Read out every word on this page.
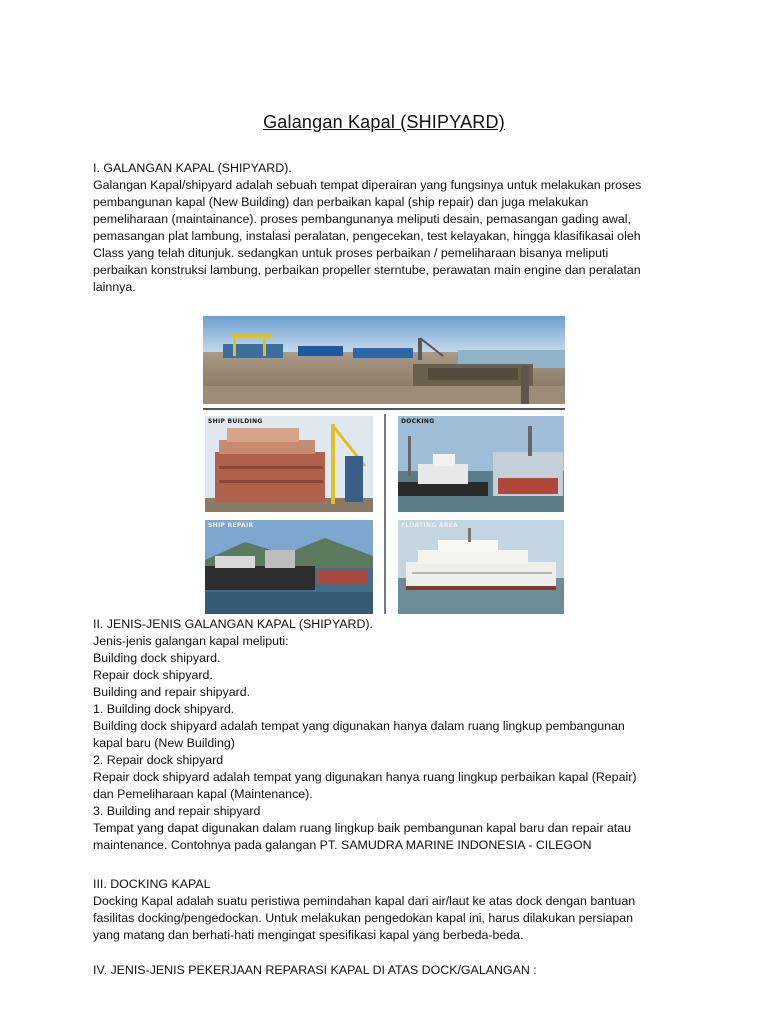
Galangan Kapal (SHIPYARD)
I. GALANGAN KAPAL (SHIPYARD).
Galangan Kapal/shipyard adalah sebuah tempat diperairan yang fungsinya untuk melakukan proses
pembangunan kapal (New Building) dan perbaikan kapal (ship repair) dan juga melakukan
pemeliharaan (maintainance). proses pembangunanya meliputi desain, pemasangan gading awal,
pemasangan plat lambung, instalasi peralatan, pengecekan, test kelayakan, hingga klasifikasai oleh
Class yang telah ditunjuk. sedangkan untuk proses perbaikan / pemeliharaan bisanya meliputi
perbaikan konstruksi lambung, perbaikan propeller sterntube, perawatan main engine dan peralatan
lainnya.
SHIP BUILDING	DOCKING
SHIP REPAIR	FLOATING AREA
II. JENIS-JENIS GALANGAN KAPAL (SHIPYARD).
Jenis-jenis galangan kapal meliputi:
Building dock shipyard.
Repair dock shipyard.
Building and repair shipyard.
1. Building dock shipyard.
Building dock shipyard adalah tempat yang digunakan hanya dalam ruang lingkup pembangunan
kapal baru (New Building)
2. Repair dock shipyard
Repair dock shipyard adalah tempat yang digunakan hanya ruang lingkup perbaikan kapal (Repair)
dan Pemeliharaan kapal (Maintenance).
3. Building and repair shipyard
Tempat yang dapat digunakan dalam ruang lingkup baik pembangunan kapal baru dan repair atau
maintenance. Contohnya pada galangan PT. SAMUDRA MARINE INDONESIA - CILEGON
III. DOCKING KAPAL
Docking Kapal adalah suatu peristiwa pemindahan kapal dari air/laut ke atas dock dengan bantuan
fasilitas docking/pengedockan. Untuk melakukan pengedokan kapal ini, harus dilakukan persiapan
yang matang dan berhati-hati mengingat spesifikasi kapal yang berbeda-beda.
IV. JENIS-JENIS PEKERJAAN REPARASI KAPAL DI ATAS DOCK/GALANGAN :
